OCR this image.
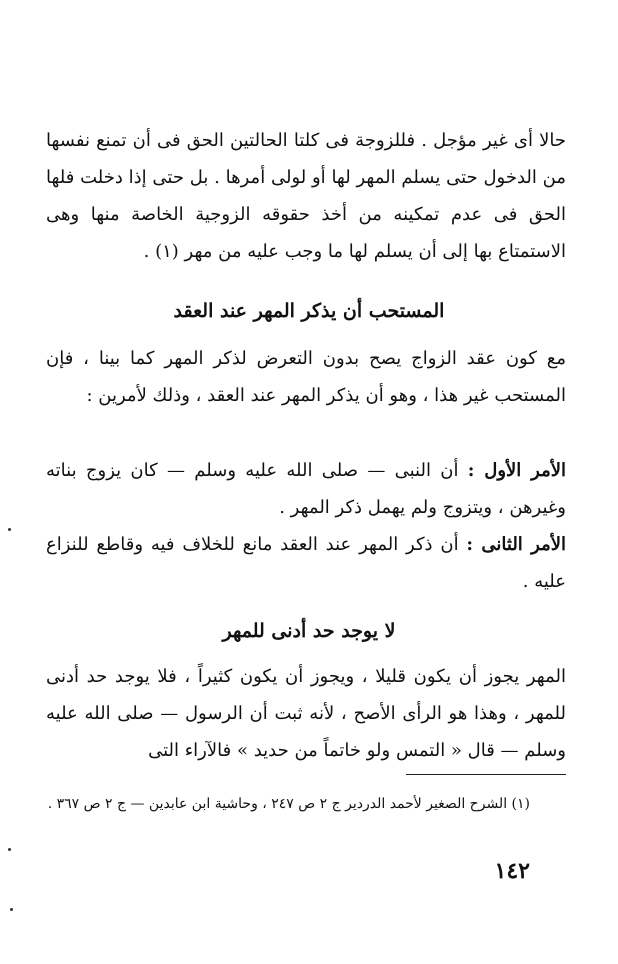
حالا أى غير مؤجل . فللزوجة فى كلتا الحالتين الحق فى أن تمنع نفسها من الدخول حتى يسلم المهر لها أو لولى أمرها . بل حتى إذا دخلت فلها الحق فى عدم تمكينه من أخذ حقوقه الزوجية الخاصة منها وهى الاستمتاع بها إلى أن يسلم لها ما وجب عليه من مهر (١) .

المستحب أن يذكر المهر عند العقد

مع كون عقد الزواج يصح بدون التعرض لذكر المهر كما بينا ، فإن المستحب غير هذا ، وهو أن يذكر المهر عند العقد ، وذلك لأمرين :

الأمر الأول : أن النبى — صلى الله عليه وسلم — كان يزوج بناته وغيرهن ، ويتزوج ولم يهمل ذكر المهر .

الأمر الثانى : أن ذكر المهر عند العقد مانع للخلاف فيه وقاطع للنزاع عليه .

لا يوجد حد أدنى للمهر

المهر يجوز أن يكون قليلا ، ويجوز أن يكون كثيراً ، فلا يوجد حد أدنى للمهر ، وهذا هو الرأى الأصح ، لأنه ثبت أن الرسول — صلى الله عليه وسلم — قال « التمس ولو خاتماً من حديد » فالآراء التى

(١) الشرح الصغير لأحمد الدردير ج ٢ ص ٢٤٧ ، وحاشية ابن عابدين — ج ٢ ص ٣٦٧ .

١٤٢
